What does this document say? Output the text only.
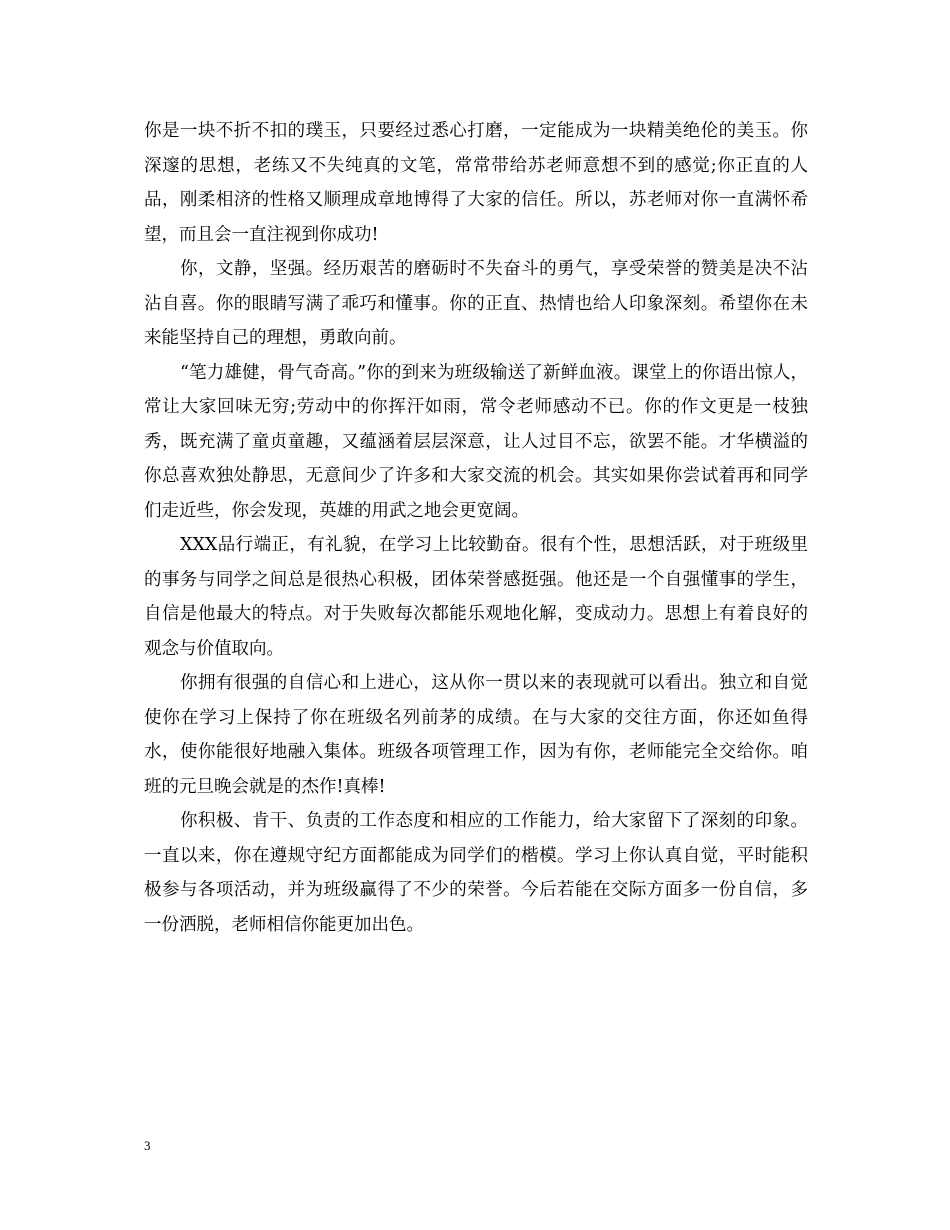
你是一块不折不扣的璞玉，只要经过悉心打磨，一定能成为一块精美绝伦的美玉。你深邃的思想，老练又不失纯真的文笔，常常带给苏老师意想不到的感觉;你正直的人品，刚柔相济的性格又顺理成章地博得了大家的信任。所以，苏老师对你一直满怀希望，而且会一直注视到你成功!

你，文静，坚强。经历艰苦的磨砺时不失奋斗的勇气，享受荣誉的赞美是决不沾沾自喜。你的眼睛写满了乖巧和懂事。你的正直、热情也给人印象深刻。希望你在未来能坚持自己的理想，勇敢向前。

“笔力雄健，骨气奇高。”你的到来为班级输送了新鲜血液。课堂上的你语出惊人，常让大家回味无穷;劳动中的你挥汗如雨，常令老师感动不已。你的作文更是一枝独秀，既充满了童贞童趣，又蕴涵着层层深意，让人过目不忘，欲罢不能。才华横溢的你总喜欢独处静思，无意间少了许多和大家交流的机会。其实如果你尝试着再和同学们走近些，你会发现，英雄的用武之地会更宽阔。

XXX品行端正，有礼貌，在学习上比较勤奋。很有个性，思想活跃，对于班级里的事务与同学之间总是很热心积极，团体荣誉感挺强。他还是一个自强懂事的学生，自信是他最大的特点。对于失败每次都能乐观地化解，变成动力。思想上有着良好的观念与价值取向。

你拥有很强的自信心和上进心，这从你一贯以来的表现就可以看出。独立和自觉使你在学习上保持了你在班级名列前茅的成绩。在与大家的交往方面，你还如鱼得水，使你能很好地融入集体。班级各项管理工作，因为有你，老师能完全交给你。咱班的元旦晚会就是的杰作!真棒!

你积极、肯干、负责的工作态度和相应的工作能力，给大家留下了深刻的印象。一直以来，你在遵规守纪方面都能成为同学们的楷模。学习上你认真自觉，平时能积极参与各项活动，并为班级赢得了不少的荣誉。今后若能在交际方面多一份自信，多一份洒脱，老师相信你能更加出色。

3
